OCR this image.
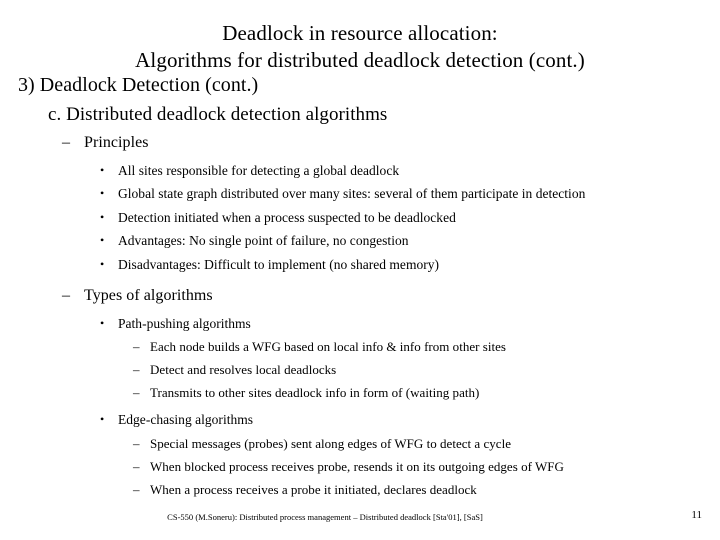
Deadlock in resource allocation:
Algorithms for distributed deadlock detection (cont.)
3) Deadlock Detection (cont.)
c. Distributed deadlock detection algorithms
– Principles
•	All sites responsible for detecting a global deadlock
•	Global state graph distributed over many sites: several of them participate in detection
•	Detection initiated when a process suspected to be deadlocked
•	Advantages: No single point of failure, no congestion
•	Disadvantages: Difficult to implement (no shared memory)
– Types of algorithms
•	Path-pushing algorithms
– Each node builds a WFG based on local info & info from other sites
– Detect and resolves local deadlocks
– Transmits to other sites deadlock info in form of (waiting path)
•	Edge-chasing algorithms
– Special messages (probes) sent along edges of WFG to detect a cycle
– When blocked process receives probe, resends it on its outgoing edges of WFG
– When a process receives a probe it initiated, declares deadlock
CS-550 (M.Soneru): Distributed process management – Distributed deadlock [Sta'01], [SaS]	11
